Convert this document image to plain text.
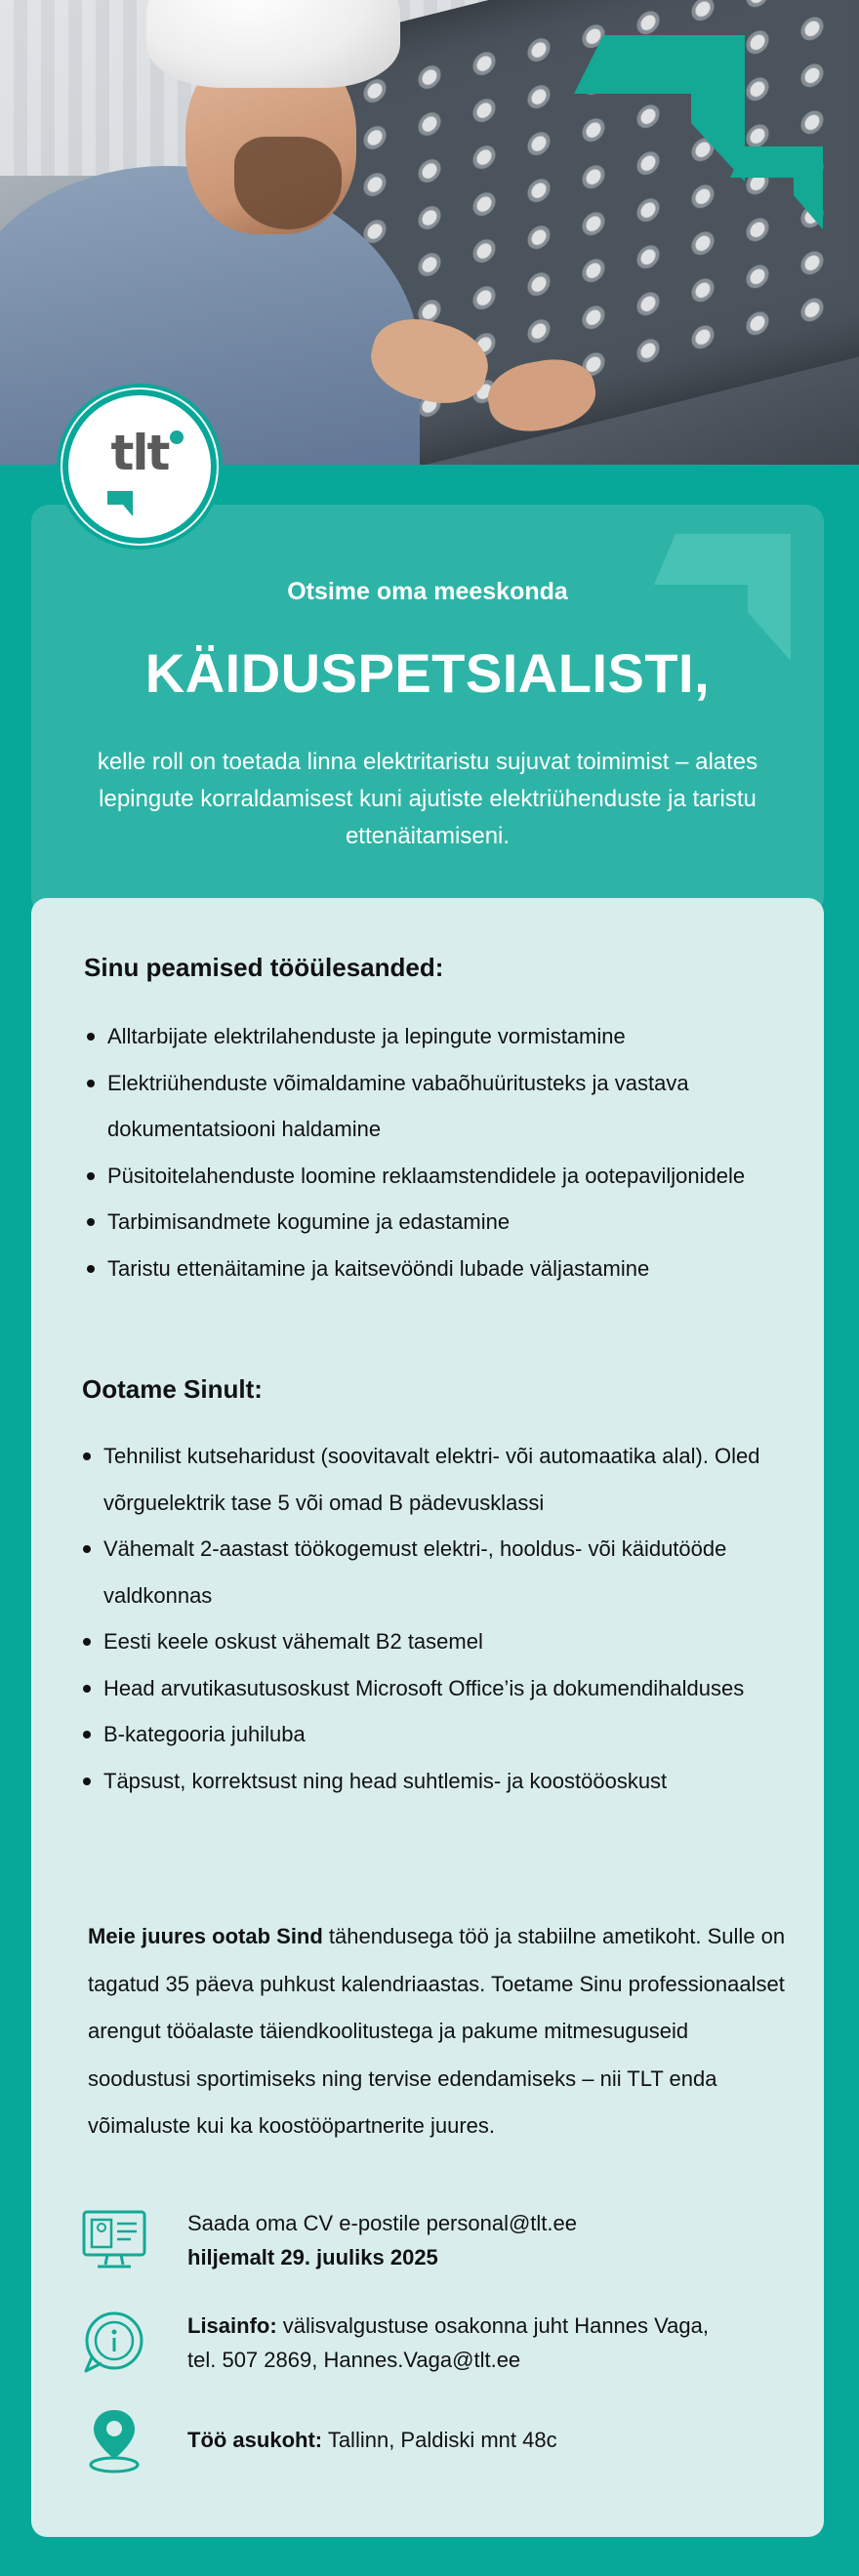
tlt
Otsime oma meeskonda
KÄIDUSPETSIALISTI,
kelle roll on toetada linna elektritaristu sujuvat toimimist – alates lepingute korraldamisest kuni ajutiste elektriühenduste ja taristu ettenäitamiseni.
Sinu peamised tööülesanded:
Alltarbijate elektrilahenduste ja lepingute vormistamine
Elektriühenduste võimaldamine vabaõhuüritusteks ja vastava dokumentatsiooni haldamine
Püsitoitelahenduste loomine reklaamstendidele ja ootepaviljonidele
Tarbimisandmete kogumine ja edastamine
Taristu ettenäitamine ja kaitsevööndi lubade väljastamine
Ootame Sinult:
Tehnilist kutseharidust (soovitavalt elektri- või automaatika alal). Oled võrguelektrik tase 5 või omad B pädevusklassi
Vähemalt 2-aastast töökogemust elektri-, hooldus- või käidutööde valdkonnas
Eesti keele oskust vähemalt B2 tasemel
Head arvutikasutusoskust Microsoft Office’is ja dokumendihalduses
B-kategooria juhiluba
Täpsust, korrektsust ning head suhtlemis- ja koostööoskust

Meie juures ootab Sind tähendusega töö ja stabiilne ametikoht. Sulle on tagatud 35 päeva puhkust kalendriaastas. Toetame Sinu professionaalset arengut tööalaste täiendkoolitustega ja pakume mitmesuguseid soodustusi sportimiseks ning tervise edendamiseks – nii TLT enda võimaluste kui ka koostööpartnerite juures.

Saada oma CV e-postile personal@tlt.ee
hiljemalt 29. juuliks 2025
Lisainfo: välisvalgustuse osakonna juht Hannes Vaga,
tel. 507 2869, Hannes.Vaga@tlt.ee
Töö asukoht: Tallinn, Paldiski mnt 48c
